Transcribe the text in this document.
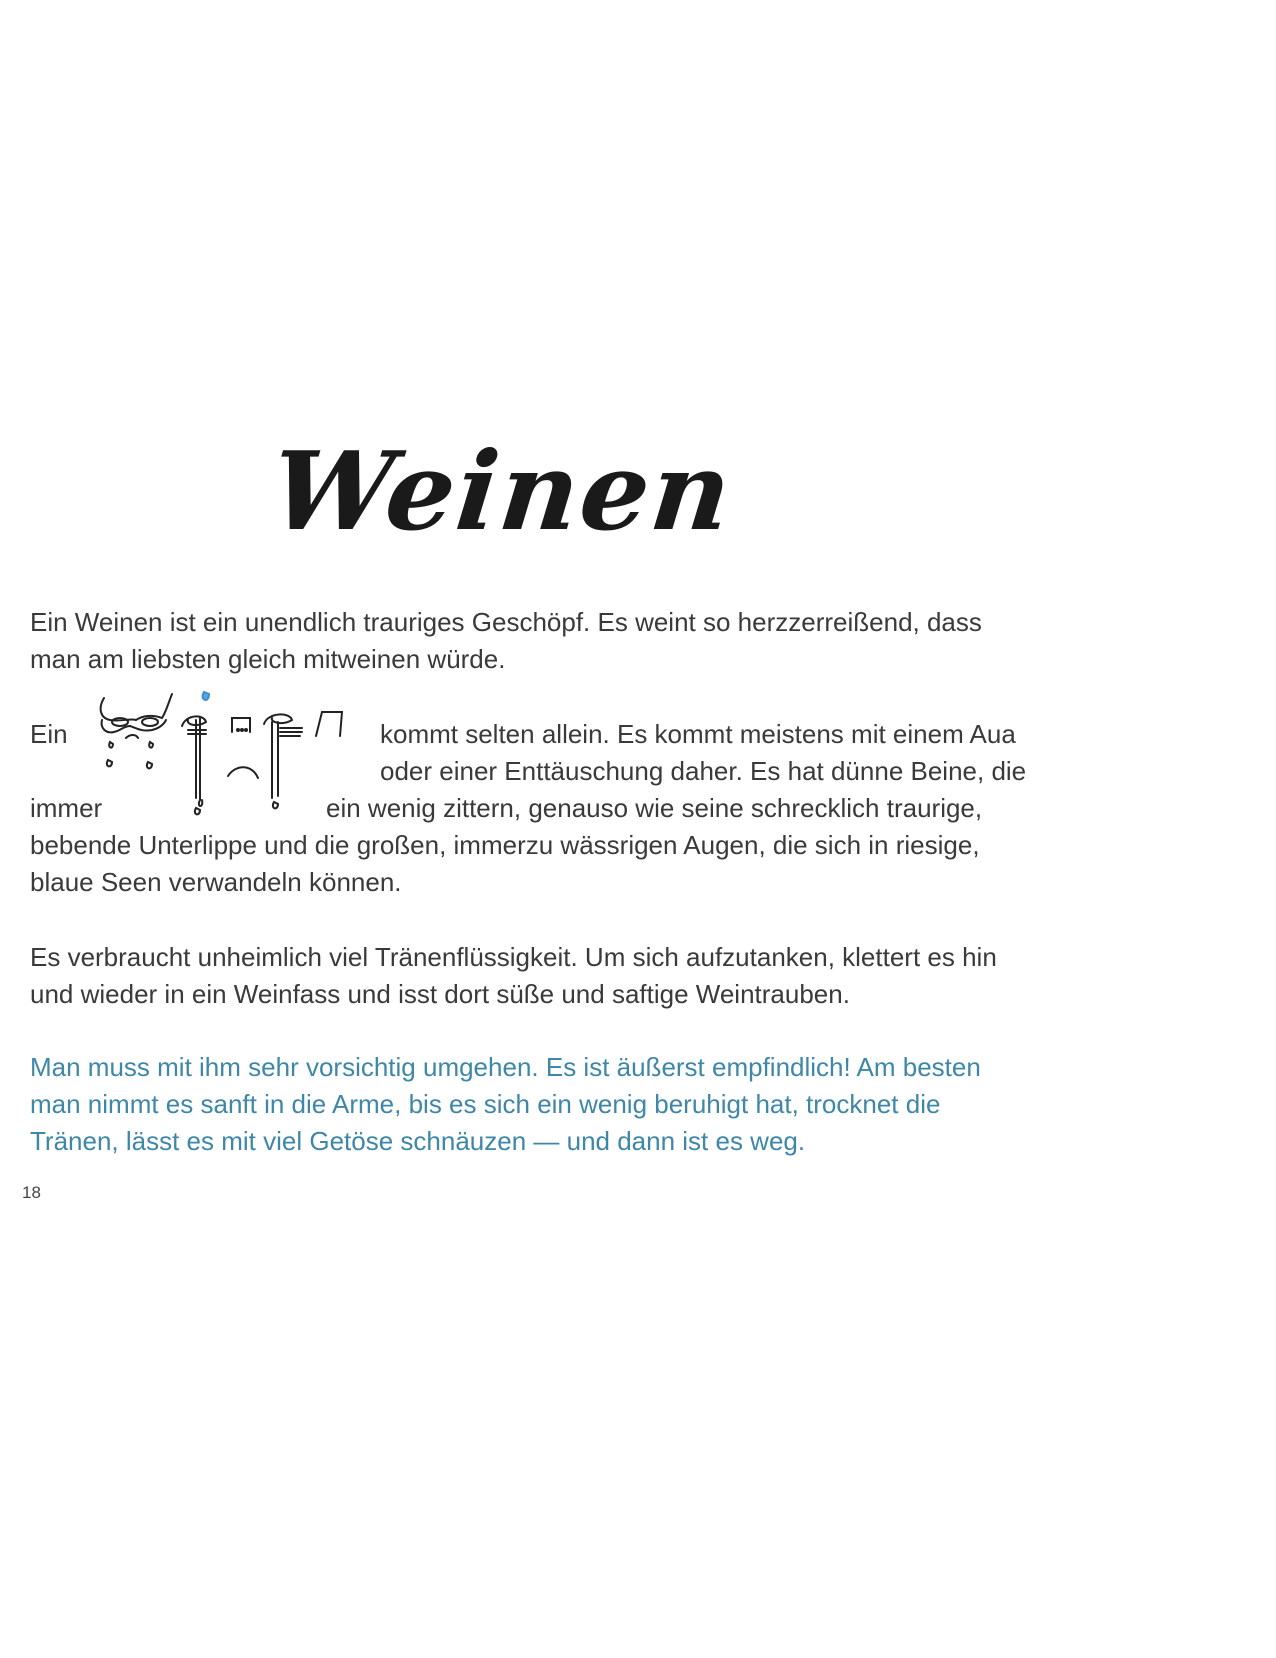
Weinen
Ein Weinen ist ein unendlich trauriges Geschöpf. Es weint so herzzerreißend, dass
man am liebsten gleich mitweinen würde.
Ein	kommt selten allein. Es kommt meistens mit einem Aua
oder einer Enttäuschung daher. Es hat dünne Beine, die
immer	ein wenig zittern, genauso wie seine schrecklich traurige,
bebende Unterlippe und die großen, immerzu wässrigen Augen, die sich in riesige,
blaue Seen verwandeln können.
Es verbraucht unheimlich viel Tränenflüssigkeit. Um sich aufzutanken, klettert es hin
und wieder in ein Weinfass und isst dort süße und saftige Weintrauben.
Man muss mit ihm sehr vorsichtig umgehen. Es ist äußerst empfindlich! Am besten
man nimmt es sanft in die Arme, bis es sich ein wenig beruhigt hat, trocknet die
Tränen, lässt es mit viel Getöse schnäuzen — und dann ist es weg.
18
